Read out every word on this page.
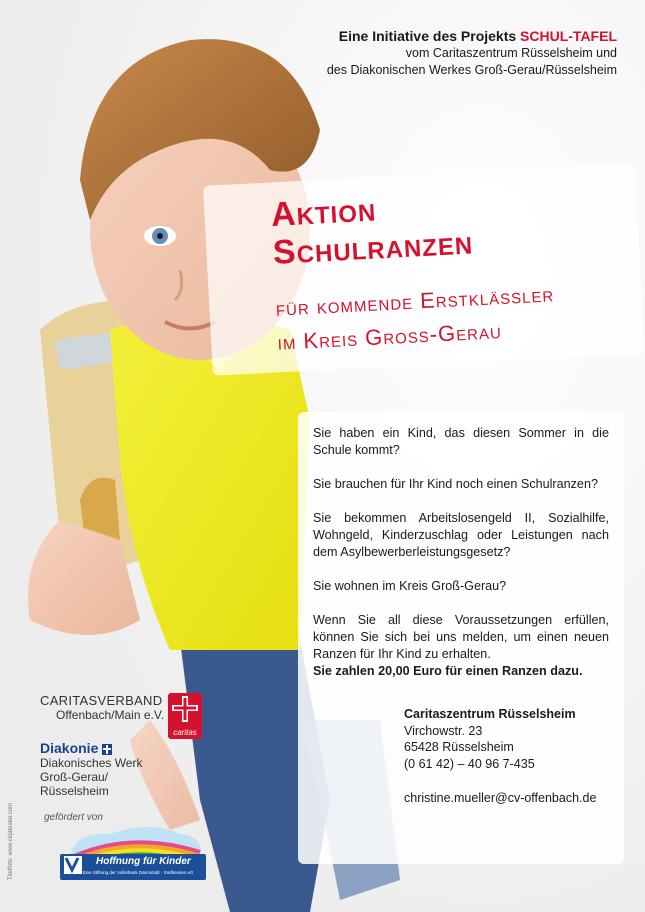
Eine Initiative des Projekts SCHUL-TAFEL
vom Caritaszentrum Rüsselsheim und
des Diakonischen Werkes Groß-Gerau/Rüsselsheim
Aktion
Schulranzen
für kommende Erstklässler
im Kreis Gross-Gerau

Sie haben ein Kind, das diesen Sommer in die Schule kommt?

Sie brauchen für Ihr Kind noch einen Schulranzen?

Sie bekommen Arbeitslosengeld II, Sozialhilfe, Wohngeld, Kinderzuschlag oder Leistungen nach dem Asylbewerberleistungsgesetz?

Sie wohnen im Kreis Groß-Gerau?

Wenn Sie all diese Voraussetzungen erfüllen, können Sie sich bei uns melden, um einen neuen Ranzen für Ihr Kind zu erhalten.

Sie zahlen 20,00 Euro für einen Ranzen dazu.

Caritaszentrum Rüsselsheim
Virchowstr. 23
65428 Rüsselsheim
(0 61 42) – 40 96 7-435
christine.mueller@cv-offenbach.de
CARITASVERBAND
Offenbach/Main e.V.
caritas
Diakonie
Diakonisches Werk
Groß-Gerau/
Rüsselsheim
gefördert von
Hoffnung für Kinder
Eine Stiftung der Volksbank Darmstadt · Südhessen eG
Titelfoto: www.clipdealer.com
